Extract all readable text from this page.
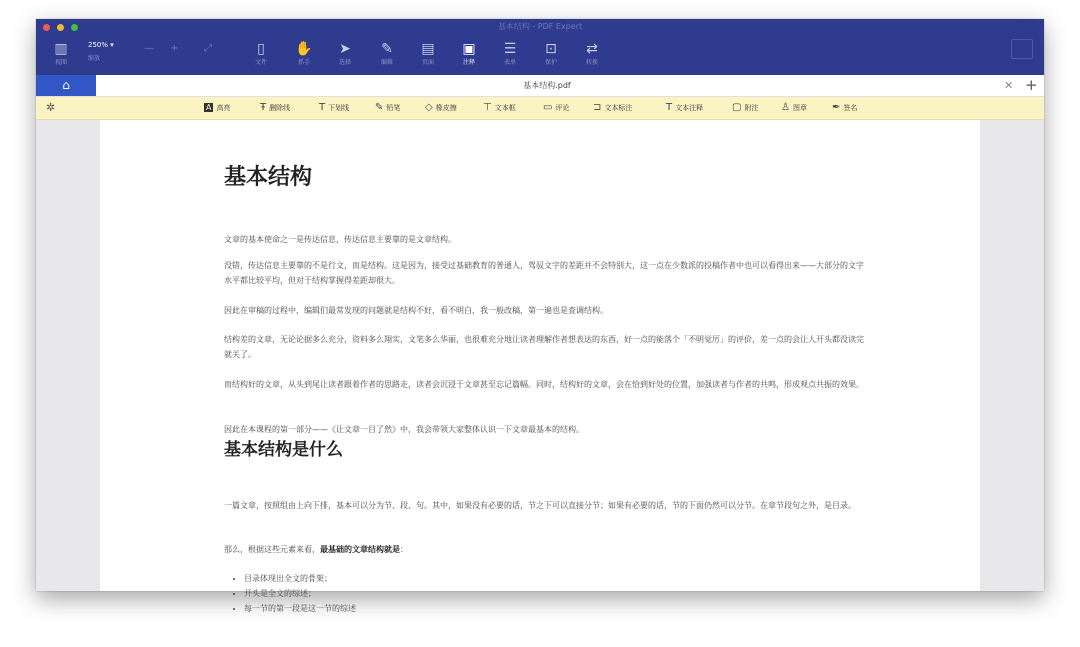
基本结构 - PDF Expert
▥
视图
250% ▾
缩放
— +	⤢	▯
文件
✋
抓手
➤
选择
✎
编辑
▤
页面
▣
注释
☰
表单
⊡
保护
⇄
转换
⌂	基本结构.pdf	✕ +
✲	A 高亮	Ŧ 删除线	T 下划线	✎ 铅笔 ◇ 橡皮擦	⊤ 文本框	▭ 评论 ⊐ 文本标注	T 文本注释	▢ 附注 ♙ 图章	✒ 签名
基本结构

文章的基本使命之一是传达信息，传达信息主要靠的是文章结构。

没错，传达信息主要靠的不是行文，而是结构。这是因为，接受过基础教育的普通人，驾驭文字的差距并不会特别大，这一点在少数派的投稿作者中也可以看得出来——大部分的文字水平都比较平均，但对于结构掌握得差距却很大。

因此在审稿的过程中，编辑们最常发现的问题就是结构不好，看不明白，我一般改稿，第一遍也是查调结构。

结构差的文章，无论论据多么充分，资料多么翔实，文笔多么华丽，也很难充分地让读者理解作者想表达的东西，好一点的能落个「不明觉厉」的评价，差一点的会让人开头都没读完就关了。

而结构好的文章，从头到尾让读者跟着作者的思路走，读者会沉浸于文章甚至忘记篇幅。同时，结构好的文章，会在恰到好处的位置，加强读者与作者的共鸣，形成观点共振的效果。

因此在本课程的第一部分——《让文章一目了然》中，我会带领大家整体认识一下文章最基本的结构。

基本结构是什么

一篇文章，按照组由上向下排，基本可以分为节、段、句。其中，如果没有必要的话，节之下可以直接分节；如果有必要的话，节的下面仍然可以分节。在章节段句之外，是目录。

那么，根据这些元素来看，最基础的文章结构就是：

• 目录体现出全文的骨架；
• 开头是全文的综述；
• 每一节的第一段是这一节的综述
